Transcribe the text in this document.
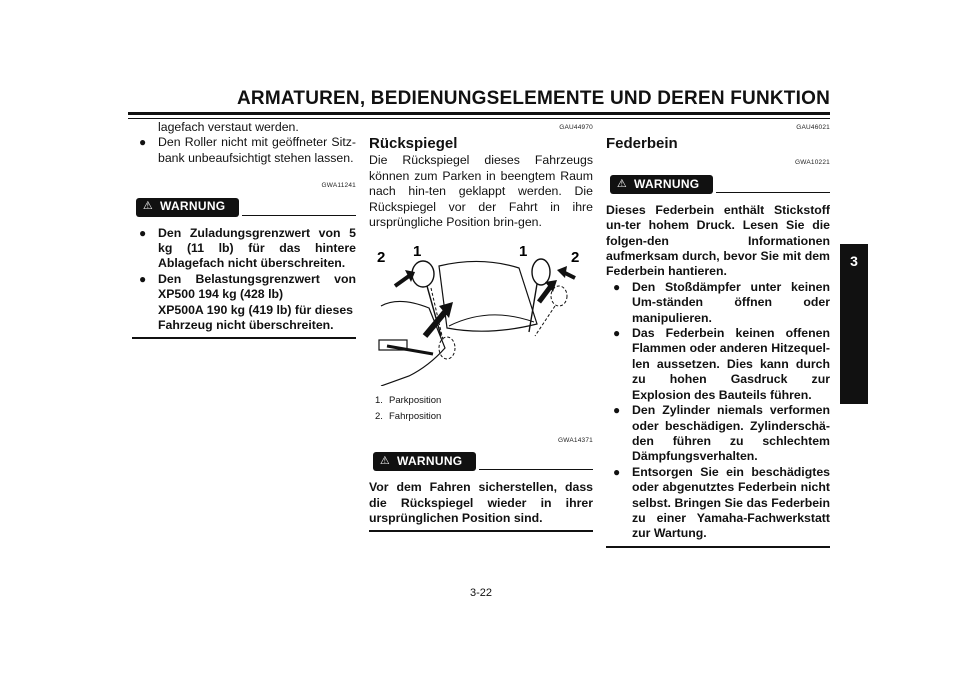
ARMATUREN, BEDIENUNGSELEMENTE UND DEREN FUNKTION
3
lagefach verstaut werden.
● Den Roller nicht mit geöffneter Sitz-bank unbeaufsichtigt stehen lassen.
GWA11241
⚠ WARNUNG
● Den Zuladungsgrenzwert von 5 kg (11 lb) für das hintere Ablagefach nicht überschreiten.
● Den Belastungsgrenzwert von XP500 194 kg (428 lb)
XP500A 190 kg (419 lb) für dieses Fahrzeug nicht überschreiten.
GAU44970
Rückspiegel
Die Rückspiegel dieses Fahrzeugs können zum Parken in beengtem Raum nach hin-ten geklappt werden. Die Rückspiegel vor der Fahrt in ihre ursprüngliche Position brin-gen.
2 1	1	2
1. Parkposition
2. Fahrposition
GWA14371
⚠ WARNUNG
Vor dem Fahren sicherstellen, dass die Rückspiegel wieder in ihrer ursprünglichen Position sind.
GAU46021
Federbein
GWA10221
⚠ WARNUNG
Dieses Federbein enthält Stickstoff un-ter hohem Druck. Lesen Sie die folgen-den Informationen aufmerksam durch, bevor Sie mit dem Federbein hantieren.
● Den Stoßdämpfer unter keinen Um-ständen öffnen oder manipulieren.
● Das Federbein keinen offenen Flammen oder anderen Hitzequel-len aussetzen. Dies kann durch zu hohen Gasdruck zur Explosion des Bauteils führen.
● Den Zylinder niemals verformen oder beschädigen. Zylinderschä-den führen zu schlechtem Dämpfungsverhalten.
● Entsorgen Sie ein beschädigtes oder abgenutztes Federbein nicht selbst. Bringen Sie das Federbein zu einer Yamaha-Fachwerkstatt zur Wartung.
3-22
